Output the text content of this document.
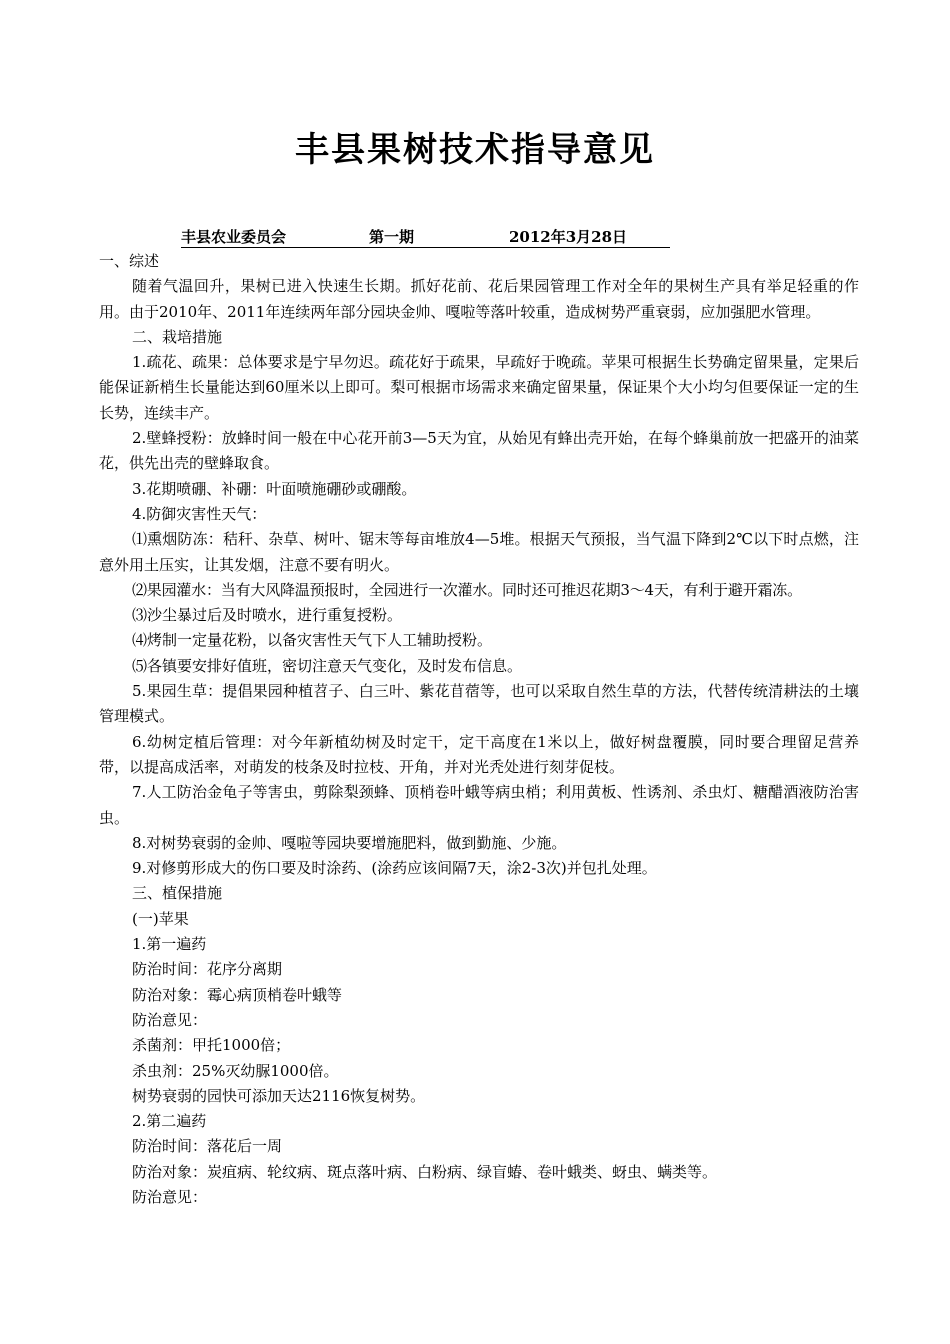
丰县果树技术指导意见
丰县农业委员会	第一期	2012年3月28日

一、综述

随着气温回升，果树已进入快速生长期。抓好花前、花后果园管理工作对全年的果树生产具有举足轻重的作用。由于2010年、2011年连续两年部分园块金帅、嘎啦等落叶较重，造成树势严重衰弱，应加强肥水管理。

二、栽培措施

1.疏花、疏果：总体要求是宁早勿迟。疏花好于疏果，早疏好于晚疏。苹果可根据生长势确定留果量，定果后能保证新梢生长量能达到60厘米以上即可。梨可根据市场需求来确定留果量，保证果个大小均匀但要保证一定的生长势，连续丰产。

2.壁蜂授粉：放蜂时间一般在中心花开前3—5天为宜，从始见有蜂出壳开始，在每个蜂巢前放一把盛开的油菜花，供先出壳的壁蜂取食。

3.花期喷硼、补硼：叶面喷施硼砂或硼酸。

4.防御灾害性天气：

⑴熏烟防冻：秸秆、杂草、树叶、锯末等每亩堆放4—5堆。根据天气预报，当气温下降到2℃以下时点燃，注意外用土压实，让其发烟，注意不要有明火。

⑵果园灌水：当有大风降温预报时，全园进行一次灌水。同时还可推迟花期3～4天，有利于避开霜冻。

⑶沙尘暴过后及时喷水，进行重复授粉。

⑷烤制一定量花粉，以备灾害性天气下人工辅助授粉。

⑸各镇要安排好值班，密切注意天气变化，及时发布信息。

5.果园生草：提倡果园种植苕子、白三叶、紫花苜蓿等，也可以采取自然生草的方法，代替传统清耕法的土壤管理模式。

6.幼树定植后管理：对今年新植幼树及时定干，定干高度在1米以上，做好树盘覆膜，同时要合理留足营养带，以提高成活率，对萌发的枝条及时拉枝、开角，并对光秃处进行刻芽促枝。

7.人工防治金龟子等害虫，剪除梨颈蜂、顶梢卷叶蛾等病虫梢；利用黄板、性诱剂、杀虫灯、糖醋酒液防治害虫。

8.对树势衰弱的金帅、嘎啦等园块要增施肥料，做到勤施、少施。

9.对修剪形成大的伤口要及时涂药、(涂药应该间隔7天，涂2-3次)并包扎处理。

三、植保措施

(一)苹果

1.第一遍药

防治时间：花序分离期

防治对象：霉心病顶梢卷叶蛾等

防治意见：

杀菌剂：甲托1000倍；

杀虫剂：25%灭幼脲1000倍。

树势衰弱的园快可添加天达2116恢复树势。

2.第二遍药

防治时间：落花后一周

防治对象：炭疽病、轮纹病、斑点落叶病、白粉病、绿盲蝽、卷叶蛾类、蚜虫、螨类等。

防治意见：
